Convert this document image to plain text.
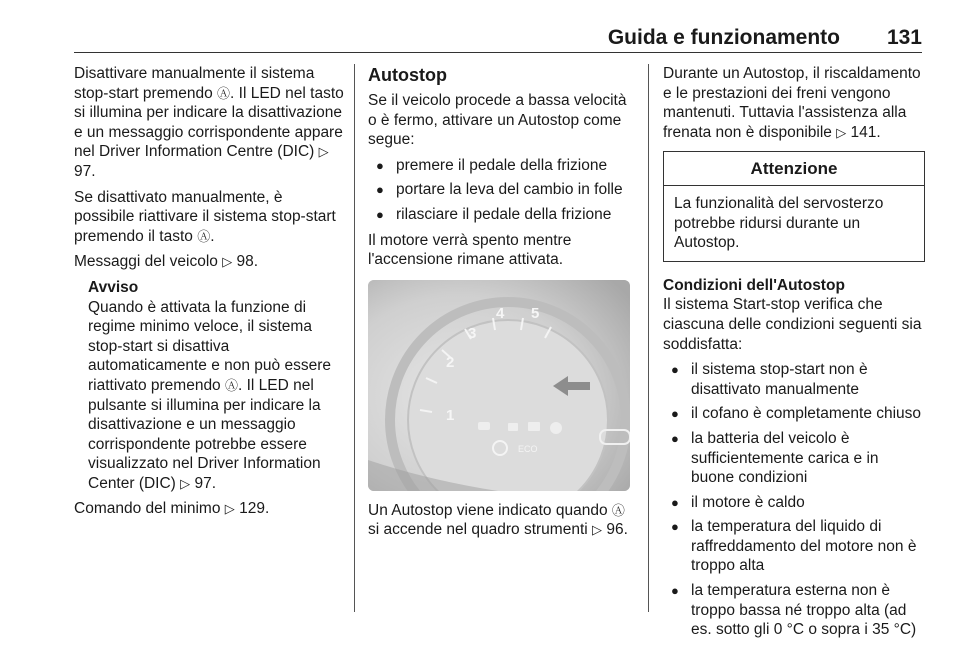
Guida e funzionamento 131

Disattivare manualmente il sistema stop-start premendo Ⓐ. Il LED nel tasto si illumina per indicare la disattivazione e un messaggio corrispondente appare nel Driver Information Centre (DIC) ▷ 97.

Se disattivato manualmente, è possibile riattivare il sistema stop-start premendo il tasto Ⓐ.

Messaggi del veicolo ▷ 98.

Avviso
Quando è attivata la funzione di regime minimo veloce, il sistema stop-start si disattiva automaticamente e non può essere riattivato premendo Ⓐ. Il LED nel pulsante si illumina per indicare la disattivazione e un messaggio corrispondente potrebbe essere visualizzato nel Driver Information Center (DIC) ▷ 97.

Comando del minimo ▷ 129.

Autostop

Se il veicolo procede a bassa velocità o è fermo, attivare un Autostop come segue:

● premere il pedale della frizione
● portare la leva del cambio in folle
● rilasciare il pedale della frizione

Il motore verrà spento mentre l'accensione rimane attivata.

1
2
3
4 5
ECO

Un Autostop viene indicato quando Ⓐ si accende nel quadro strumenti ▷ 96.

Durante un Autostop, il riscaldamento e le prestazioni dei freni vengono mantenuti. Tuttavia l'assistenza alla frenata non è disponibile ▷ 141.

Attenzione
La funzionalità del servosterzo potrebbe ridursi durante un Autostop.
Condizioni dell'Autostop

Il sistema Start-stop verifica che ciascuna delle condizioni seguenti sia soddisfatta:

● il sistema stop-start non è disattivato manualmente
● il cofano è completamente chiuso
● la batteria del veicolo è sufficientemente carica e in buone condizioni
● il motore è caldo
● la temperatura del liquido di raffreddamento del motore non è troppo alta
● la temperatura esterna non è troppo bassa né troppo alta (ad es. sotto gli 0 °C o sopra i 35 °C)
